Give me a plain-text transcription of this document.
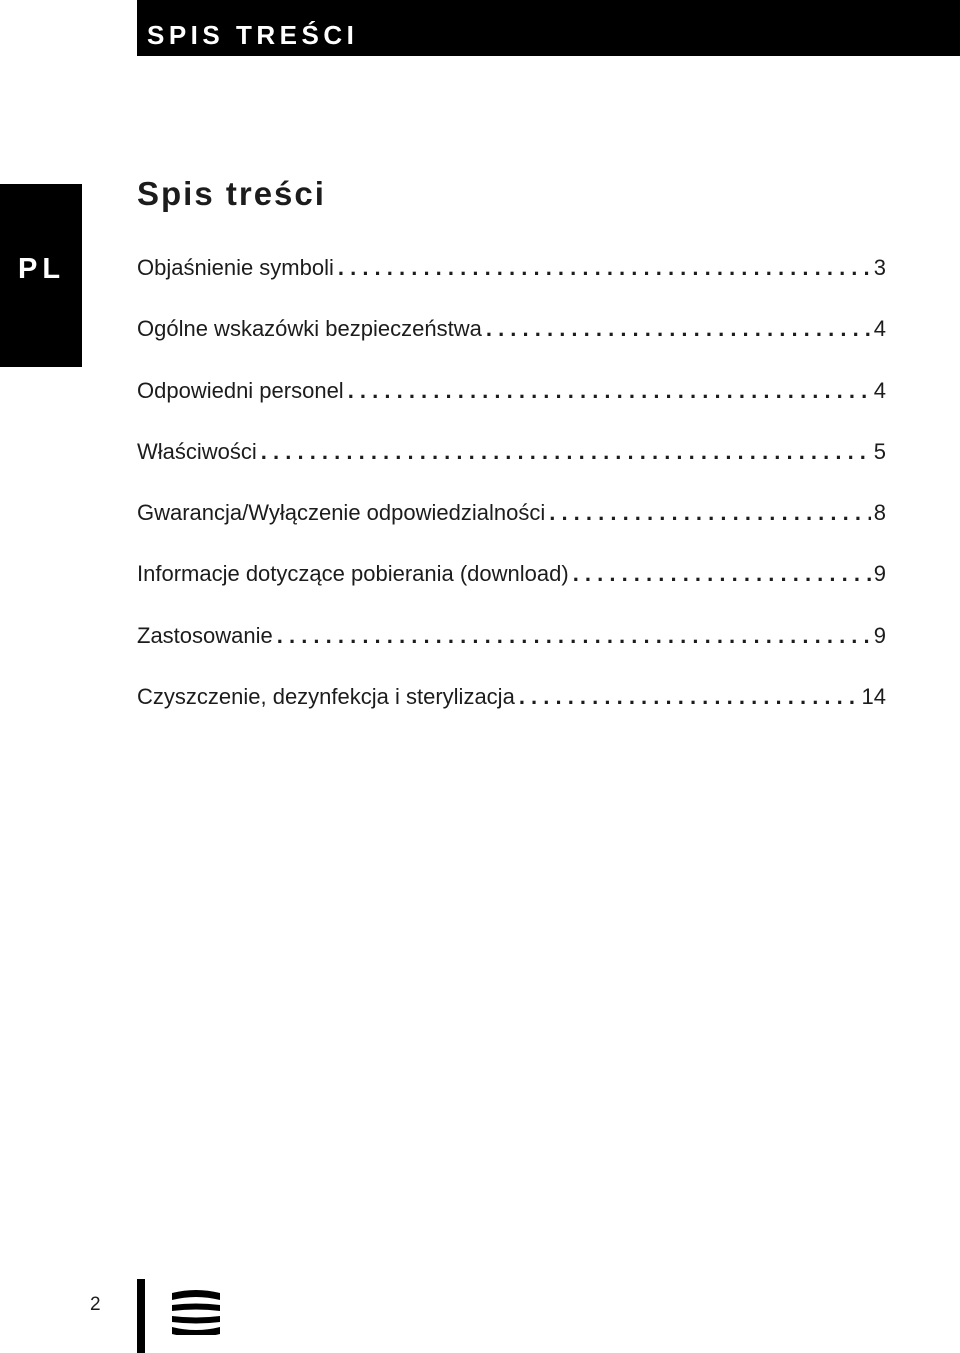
SPIS TREŚCI
PL
Spis treści
Objaśnienie symboli . . .	3
Ogólne wskazówki bezpieczeństwa . . .	4
Odpowiedni personel . . .	4
Właściwości . . .	5
Gwarancja/Wyłączenie odpowiedzialności . . .	8
Informacje dotyczące pobierania (download) . . .	9
Zastosowanie . . .	9
Czyszczenie, dezynfekcja i sterylizacja . . .	14
2
